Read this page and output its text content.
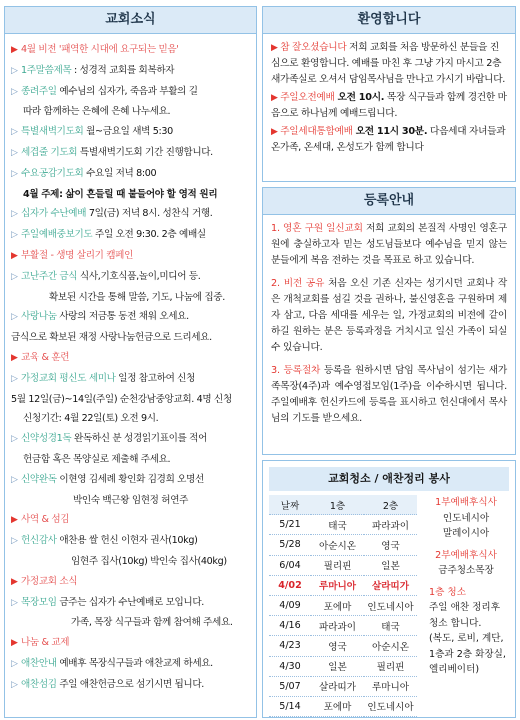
교회소식
▶ 4월 비전 '패역한 시대에 요구되는 믿음'
▷ 1주말씀제목 : 성경적 교회를 회복하자
▷ 종려주일 예수님의 십자가, 죽음과 부활의 길
따라 함께하는 은혜에 은혜 나누세요.
▷ 특별새벽기도회 월~금요일 새벽 5:30
▷ 세겹줄 기도회 특별새벽기도회 기간 진행합니다.
▷ 수요공감기도회 수요일 저녁 8:00
4월 주제: 삶이 흔들릴 때 붙들어야 할 영적 원리
▷ 십자가 수난예배 7일(금) 저녁 8시. 성찬식 거행.
▷ 주일예배중보기도 주일 오전 9:30. 2층 예배실
▶ 부활절 - 생명 살리기 캠페인
▷ 고난주간 금식 식사,기호식품,놀이,미디어 등.
확보된 시간을 통해 말씀, 기도, 나눔에 집중.
▷ 사랑나눔 사랑의 저금통 동전 채워 오세요.
금식으로 확보된 재정 사랑나눔헌금으로 드리세요.
▶ 교육 & 훈련
▷ 가정교회 평신도 세미나 일정 참고하여 신청
5월 12일(금)~14일(주일) 순천강남중앙교회. 4명 신청
신청기간: 4월 22일(토) 오전 9시.
▷ 신약성경1독 완독하신 분 성경읽기표이를 적어
헌금함 혹은 목양실로 제출해 주세요.
▷ 신약완독 이현영 김세례 황인화 김경희 오명선
박인숙 백근왕 임현정 허연주
▶ 사역 & 섬김
▷ 헌신감사 애찬용 쌀 헌신 이현자 권사(10kg)
임현주 집사(10kg) 박인숙 집사(40kg)
▶ 가정교회 소식
▷ 목장모임 금주는 십자가 수난예배로 모입니다.
가족, 목장 식구들과 함께 참여해 주세요.
▶ 나눔 & 교제
▷ 애찬안내 예배후 목장식구들과 애찬교제 하세요.
▷ 애찬섬김 주일 애찬헌금으로 섬기시면 됩니다.
환영합니다

▶ 참 잘오셨습니다 저희 교회를 처음 방문하신 분들을 진심으로 환영합니다. 예배를 마친 후 그냥 가지 마시고 2층 새가족실로 오셔서 담임목사님을 만나고 가시기 바랍니다.

▶ 주일오전예배 오전 10시. 목장 식구들과 함께 경건한 마음으로 하나님께 예배드립니다.

▶ 주일세대통합예배 오전 11시 30분. 다음세대 자녀들과 온가족, 온세대, 온성도가 함께 합니다

등록안내

1. 영혼 구원 일신교회 저희 교회의 본질적 사명인 영혼구원에 충실하고자 믿는 성도님들보다 예수님을 믿지 않는 분들에게 복음 전하는 것을 목표로 하고 있습니다.

2. 비전 공유 처음 오신 기존 신자는 성기시던 교회나 작은 개척교회를 섬길 것을 권하나, 불신영혼을 구원하며 제자 삼고, 다음 세대를 세우는 일, 가정교회의 비전에 같이 하길 원하는 분은 등록과정을 거치시고 일신 가족이 되실 수 있습니다.

3. 등록절차 등록을 원하시면 담임 목사님이 섬기는 새가족목장(4주)과 예수영접모임(1주)을 이수하시면 됩니다. 주일예배후 헌신카드에 등록을 표시하고 헌신대에서 목사님의 기도를 받으세요.

교회청소 / 애찬정리 봉사
날짜	1층	2층
5/21	태국	파라과이
5/28	아순시온	영국
6/04	필리핀	일본
4/02	루마니아	살라띠가
4/09	포에마	인도네시아
4/16	파라과이	태국
4/23	영국	아순시온
4/30	일본	필리핀
5/07	살라띠가	루마니아
5/14	포에마	인도네시아

1부예배후식사
인도네시아
말레이시아

2부예배후식사
금주청소목장

1층 청소
주일 애찬 정리후 청소 합니다.
(복도, 로비, 계단, 1층과 2층 화장실, 엘리베이터)
